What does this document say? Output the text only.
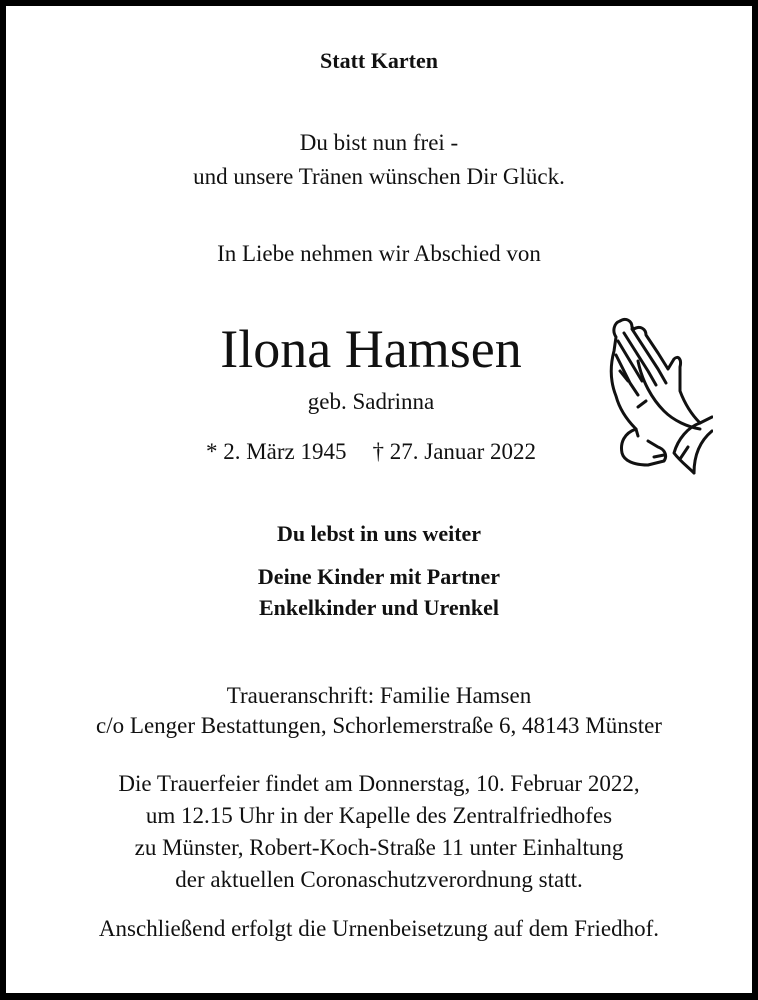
Statt Karten
Du bist nun frei -
und unsere Tränen wünschen Dir Glück.
In Liebe nehmen wir Abschied von
Ilona Hamsen
geb. Sadrinna
* 2. März 1945 † 27. Januar 2022
Du lebst in uns weiter
Deine Kinder mit Partner
Enkelkinder und Urenkel
Traueranschrift: Familie Hamsen
c/o Lenger Bestattungen, Schorlemerstraße 6, 48143 Münster
Die Trauerfeier findet am Donnerstag, 10. Februar 2022,
um 12.15 Uhr in der Kapelle des Zentralfriedhofes
zu Münster, Robert-Koch-Straße 11 unter Einhaltung
der aktuellen Coronaschutzverordnung statt.
Anschließend erfolgt die Urnenbeisetzung auf dem Friedhof.
